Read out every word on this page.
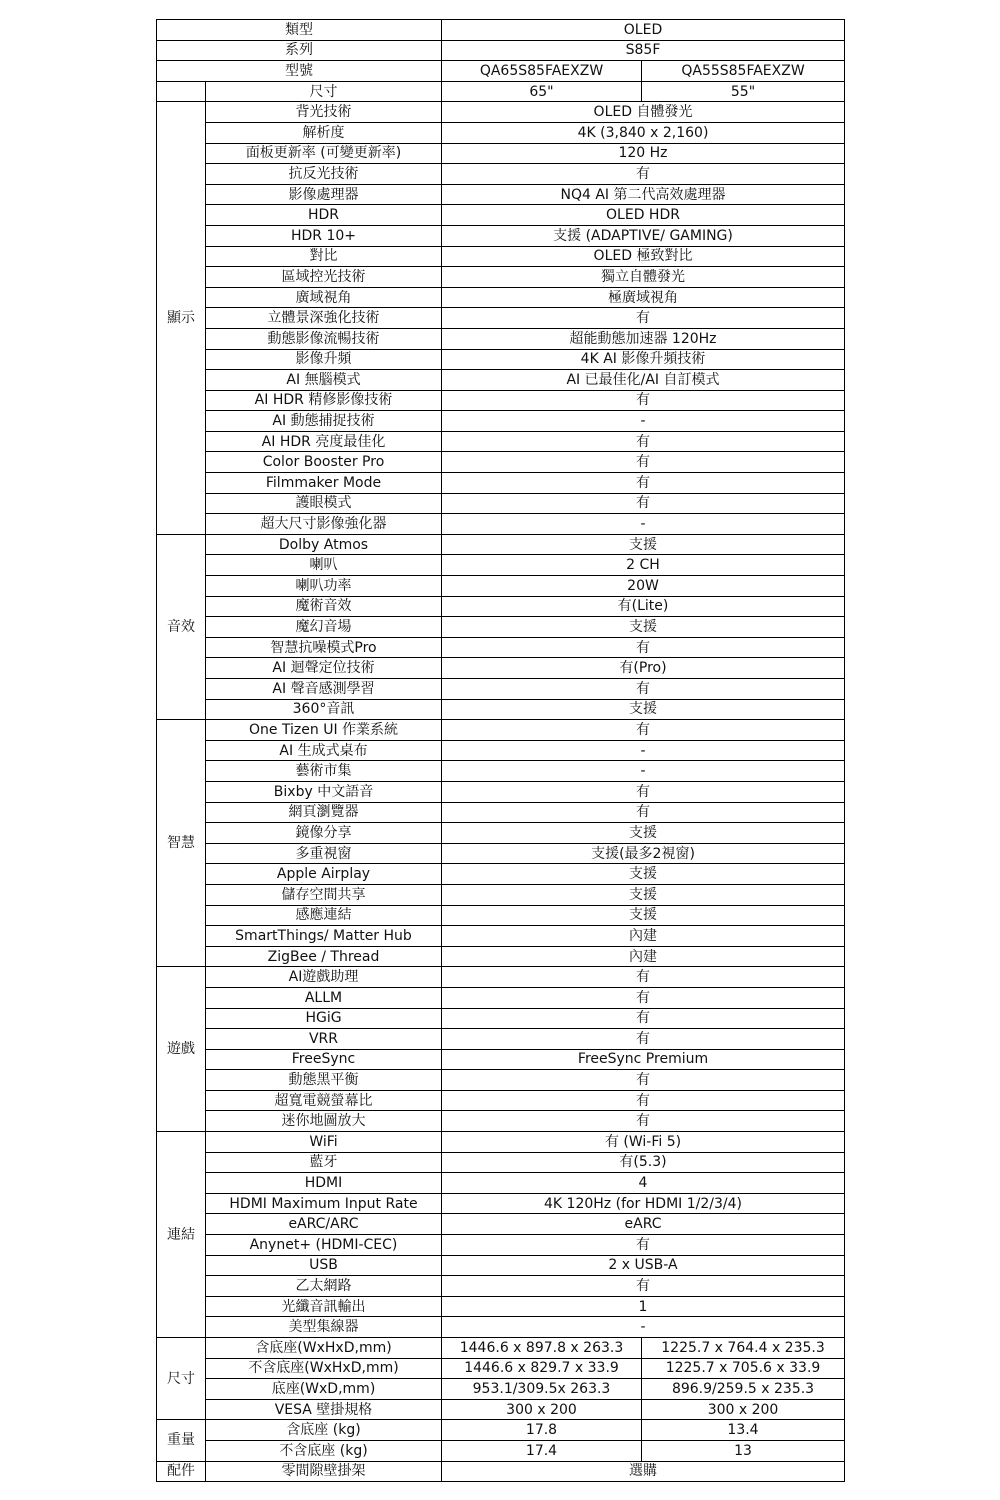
類型		OLED	
系列		S85F	
型號		QA65S85FAEXZW	QA55S85FAEXZW
	尺寸	65"	55"
顯示	背光技術	OLED 自體發光	
	解析度	4K (3,840 x 2,160)	
	面板更新率 (可變更新率)	120 Hz	
	抗反光技術	有	
	影像處理器	NQ4 AI 第二代高效處理器	
	HDR	OLED HDR	
	HDR 10+	支援 (ADAPTIVE/ GAMING)	
	對比	OLED 極致對比	
	區域控光技術	獨立自體發光	
	廣域視角	極廣域視角	
	立體景深強化技術	有	
	動態影像流暢技術	超能動態加速器 120Hz	
	影像升頻	4K AI 影像升頻技術	
	AI 無腦模式	AI 已最佳化/AI 自訂模式	
	AI HDR 精修影像技術	有	
	AI 動態捕捉技術	-	
	AI HDR 亮度最佳化	有	
	Color Booster Pro	有	
	Filmmaker Mode	有	
	護眼模式	有	
	超大尺寸影像強化器	-	
音效	Dolby Atmos	支援	
	喇叭	2 CH	
	喇叭功率	20W	
	魔術音效	有(Lite)	
	魔幻音場	支援	
	智慧抗噪模式Pro	有	
	AI 迴聲定位技術	有(Pro)	
	AI 聲音感測學習	有	
	360°音訊	支援	
智慧	One Tizen UI 作業系統	有	
	AI 生成式桌布	-	
	藝術市集	-	
	Bixby 中文語音	有	
	網頁瀏覽器	有	
	鏡像分享	支援	
	多重視窗	支援(最多2視窗)	
	Apple Airplay	支援	
	儲存空間共享	支援	
	感應連結	支援	
	SmartThings/ Matter Hub	內建	
	ZigBee / Thread	內建	
遊戲	AI遊戲助理	有	
	ALLM	有	
	HGiG	有	
	VRR	有	
	FreeSync	FreeSync Premium	
	動態黑平衡	有	
	超寬電競螢幕比	有	
	迷你地圖放大	有	
連結	WiFi	有 (Wi-Fi 5)	
	藍牙	有(5.3)	
	HDMI	4	
	HDMI Maximum Input Rate	4K 120Hz (for HDMI 1/2/3/4)	
	eARC/ARC	eARC	
	Anynet+ (HDMI-CEC)	有	
	USB	2 x USB-A	
	乙太網路	有	
	光纖音訊輸出	1	
	美型集線器	-	
尺寸	含底座(WxHxD,mm)	1446.6 x 897.8 x 263.3	1225.7 x 764.4 x 235.3
	不含底座(WxHxD,mm)	1446.6 x 829.7 x 33.9	1225.7 x 705.6 x 33.9
	底座(WxD,mm)	953.1/309.5x 263.3	896.9/259.5 x 235.3
	VESA 壁掛規格	300 x 200	300 x 200
重量	含底座 (kg)	17.8	13.4
	不含底座 (kg)	17.4	13
配件	零間隙壁掛架	選購	
